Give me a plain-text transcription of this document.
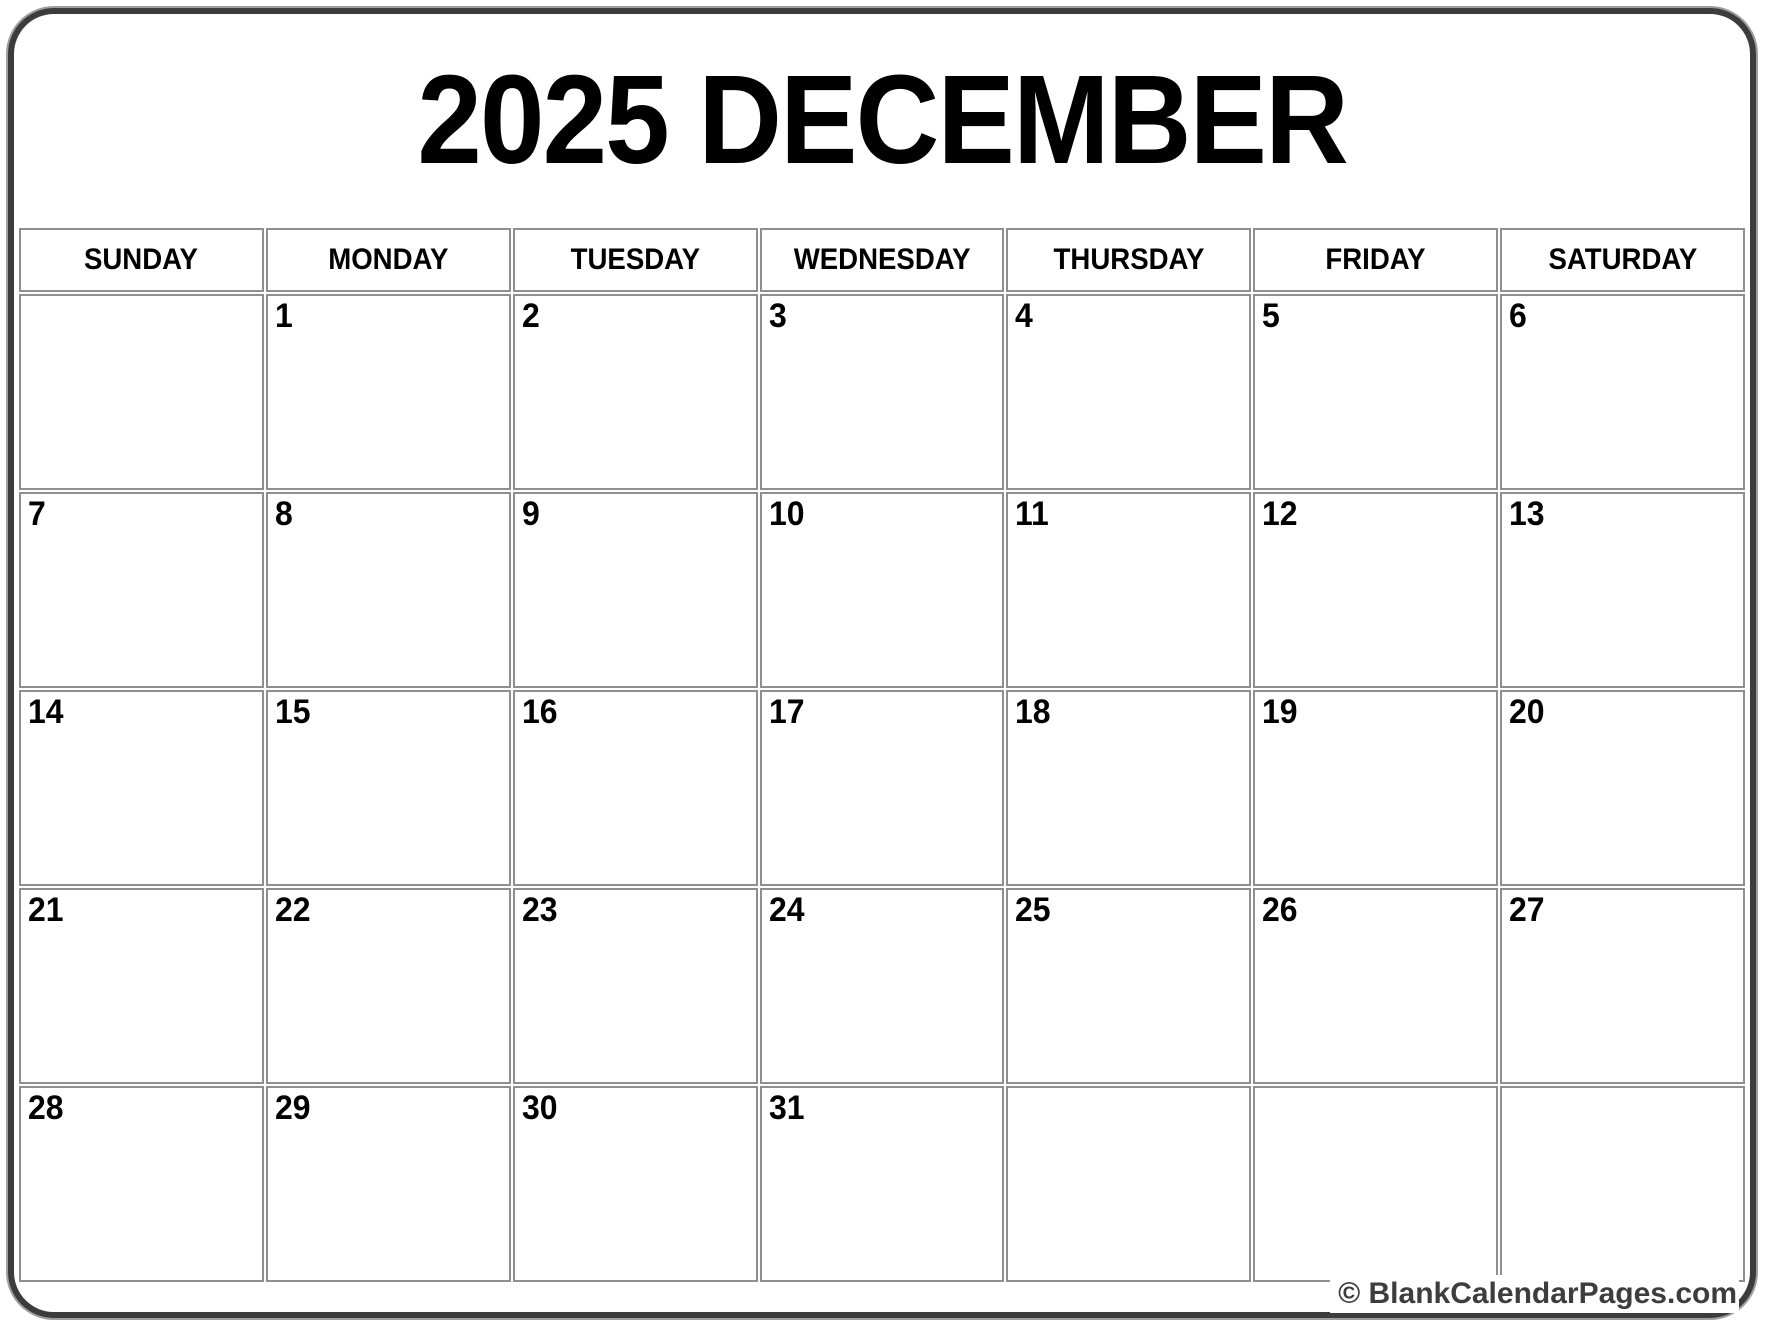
2025 DECEMBER
SUNDAY	MONDAY	TUESDAY	WEDNESDAY	THURSDAY	FRIDAY	SATURDAY
	1	2	3	4	5	6
7	8	9	10	11	12	13
14	15	16	17	18	19	20
21	22	23	24	25	26	27
28	29	30	31			
© BlankCalendarPages.com
